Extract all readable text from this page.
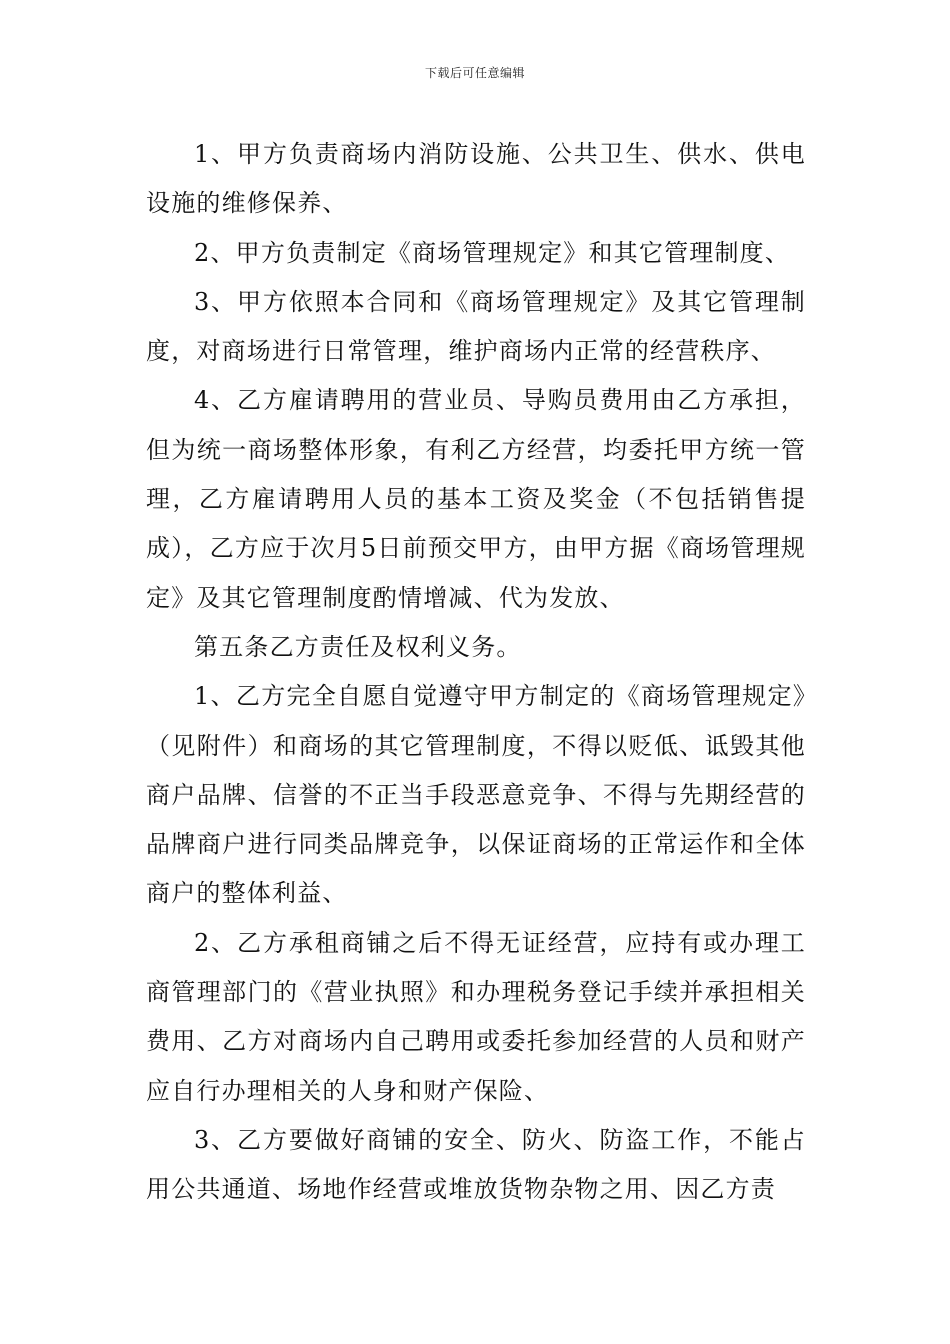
下载后可任意编辑

1、甲方负责商场内消防设施、公共卫生、供水、供电设施的维修保养、

2、甲方负责制定《商场管理规定》和其它管理制度、

3、甲方依照本合同和《商场管理规定》及其它管理制度，对商场进行日常管理，维护商场内正常的经营秩序、

4、乙方雇请聘用的营业员、导购员费用由乙方承担，但为统一商场整体形象，有利乙方经营，均委托甲方统一管理，乙方雇请聘用人员的基本工资及奖金（不包括销售提成），乙方应于次月5日前预交甲方，由甲方据《商场管理规定》及其它管理制度酌情增减、代为发放、

第五条乙方责任及权利义务。

1、乙方完全自愿自觉遵守甲方制定的《商场管理规定》（见附件）和商场的其它管理制度，不得以贬低、诋毁其他商户品牌、信誉的不正当手段恶意竞争、不得与先期经营的品牌商户进行同类品牌竞争，以保证商场的正常运作和全体商户的整体利益、

2、乙方承租商铺之后不得无证经营，应持有或办理工商管理部门的《营业执照》和办理税务登记手续并承担相关费用、乙方对商场内自己聘用或委托参加经营的人员和财产应自行办理相关的人身和财产保险、

3、乙方要做好商铺的安全、防火、防盗工作，不能占用公共通道、场地作经营或堆放货物杂物之用、因乙方责
